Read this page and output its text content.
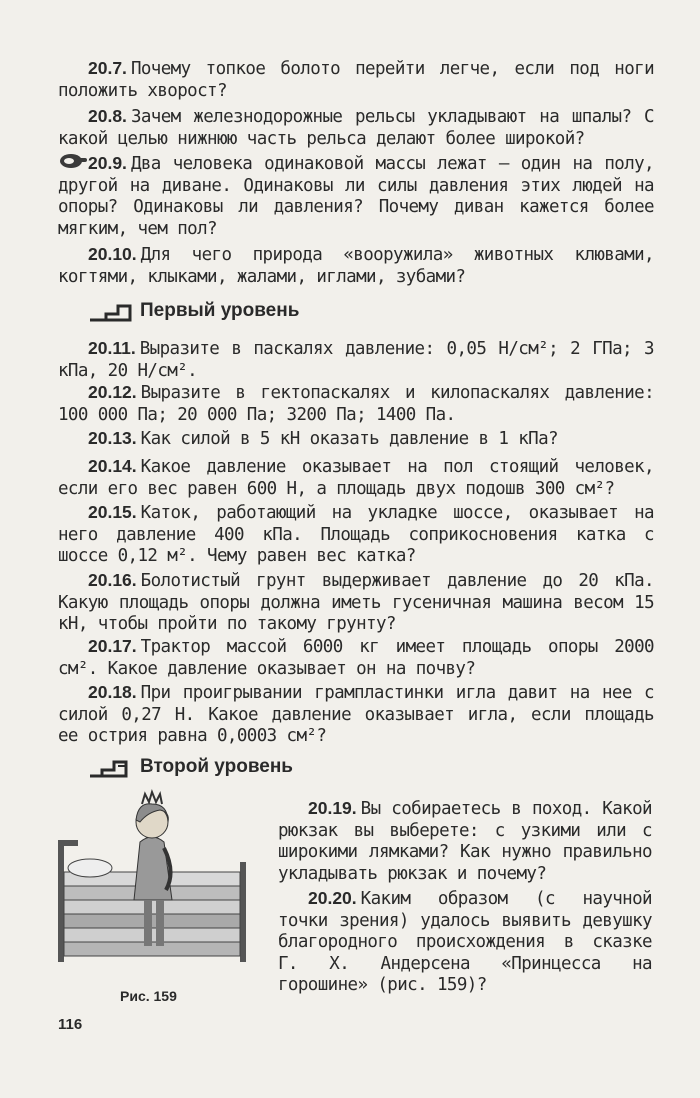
20.7. Почему топкое болото перейти легче, если под ноги положить хворост?
20.8. Зачем железнодорожные рельсы укладывают на шпалы? С какой целью нижнюю часть рельса делают более широкой?
20.9. Два человека одинаковой массы лежат — один на полу, другой на диване. Одинаковы ли силы давления этих людей на опоры? Одинаковы ли давления? Почему диван кажется более мягким, чем пол?
20.10. Для чего природа «вооружила» животных клювами, когтями, клыками, жалами, иглами, зубами?
Первый уровень
20.11. Выразите в паскалях давление: 0,05 Н/см²; 2 ГПа; 3 кПа, 20 Н/см².
20.12. Выразите в гектопаскалях и килопаскалях давление: 100 000 Па; 20 000 Па; 3200 Па; 1400 Па.
20.13. Как силой в 5 кН оказать давление в 1 кПа?
20.14. Какое давление оказывает на пол стоящий человек, если его вес равен 600 Н, а площадь двух подошв 300 см²?
20.15. Каток, работающий на укладке шоссе, оказывает на него давление 400 кПа. Площадь соприкосновения катка с шоссе 0,12 м². Чему равен вес катка?
20.16. Болотистый грунт выдерживает давление до 20 кПа. Какую площадь опоры должна иметь гусеничная машина весом 15 кН, чтобы пройти по такому грунту?
20.17. Трактор массой 6000 кг имеет площадь опоры 2000 см². Какое давление оказывает он на почву?
20.18. При проигрывании грампластинки игла давит на нее с силой 0,27 Н. Какое давление оказывает игла, если площадь ее острия равна 0,0003 см²?
Второй уровень
20.19. Вы собираетесь в поход. Какой рюкзак вы выберете: с узкими или с широкими лямками? Как нужно правильно укладывать рюкзак и почему?
20.20. Каким образом (с научной точки зрения) удалось выявить девушку благородного происхождения в сказке Г. Х. Андерсена «Принцесса на горошине» (рис. 159)?
Рис. 159
116
